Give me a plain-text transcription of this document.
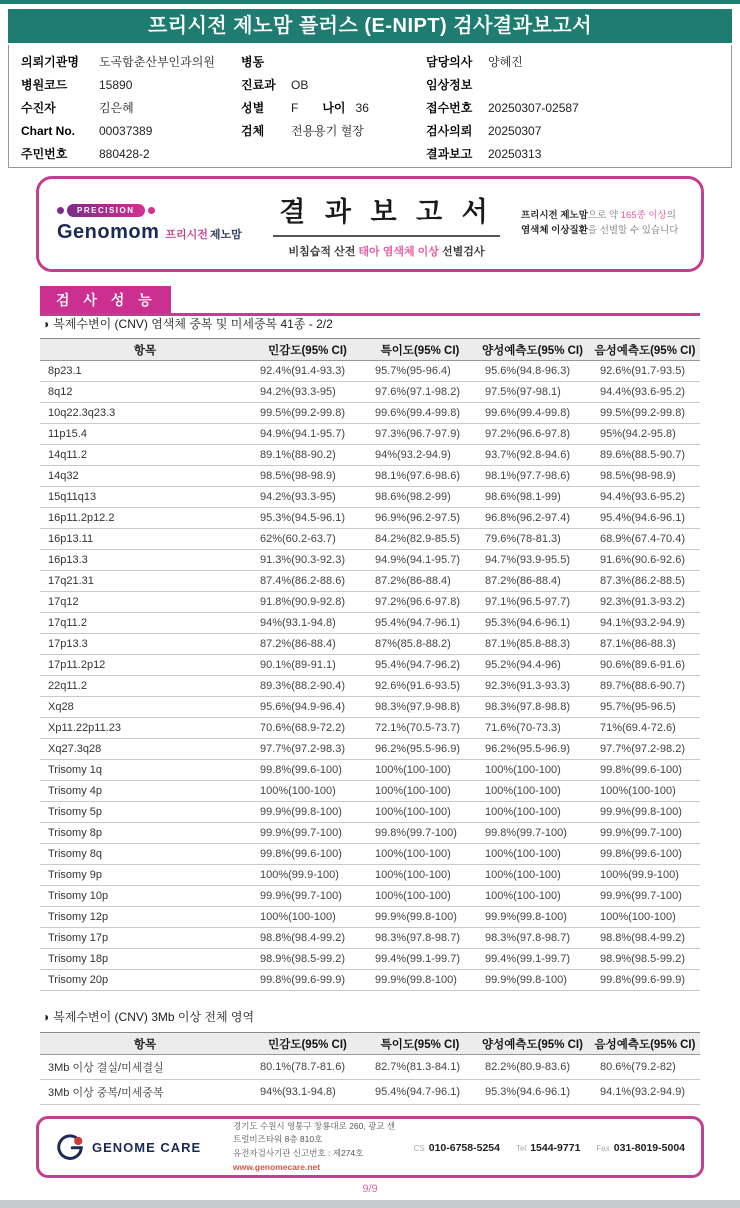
프리시전 제노맘 플러스 (E-NIPT) 검사결과보고서
의뢰기관명 도곡함춘산부인과의원
병원코드	15890
수진자	김은혜
Chart No. 00037389
주민번호	880428-2
병동
진료과 OB
성별 F 나이 36
검체 전용용기 혈장
담당의사 양혜진
임상정보
접수번호 20250307-02587
검사의뢰 20250307
결과보고 20250313
PRECISION
Genomom 프리시전 제노맘
결 과 보 고 서
비침습적 산전 태아 염색체 이상 선별검사
프리시전 제노맘으로 약 165종 이상의 염색체 이상질환을 선별할 수 있습니다
검 사 성 능
◑ 복제수변이 (CNV) 염색체 중복 및 미세중복 41종 - 2/2
항목	민감도(95% CI)	특이도(95% CI)	양성예측도(95% CI)	음성예측도(95% CI)
8p23.1	92.4%(91.4-93.3)	95.7%(95-96.4)	95.6%(94.8-96.3)	92.6%(91.7-93.5)
8q12	94.2%(93.3-95)	97.6%(97.1-98.2)	97.5%(97-98.1)	94.4%(93.6-95.2)
10q22.3q23.3	99.5%(99.2-99.8)	99.6%(99.4-99.8)	99.6%(99.4-99.8)	99.5%(99.2-99.8)
11p15.4	94.9%(94.1-95.7)	97.3%(96.7-97.9)	97.2%(96.6-97.8)	95%(94.2-95.8)
14q11.2	89.1%(88-90.2)	94%(93.2-94.9)	93.7%(92.8-94.6)	89.6%(88.5-90.7)
14q32	98.5%(98-98.9)	98.1%(97.6-98.6)	98.1%(97.7-98.6)	98.5%(98-98.9)
15q11q13	94.2%(93.3-95)	98.6%(98.2-99)	98.6%(98.1-99)	94.4%(93.6-95.2)
16p11.2p12.2	95.3%(94.5-96.1)	96.9%(96.2-97.5)	96.8%(96.2-97.4)	95.4%(94.6-96.1)
16p13.11	62%(60.2-63.7)	84.2%(82.9-85.5)	79.6%(78-81.3)	68.9%(67.4-70.4)
16p13.3	91.3%(90.3-92.3)	94.9%(94.1-95.7)	94.7%(93.9-95.5)	91.6%(90.6-92.6)
17q21.31	87.4%(86.2-88.6)	87.2%(86-88.4)	87.2%(86-88.4)	87.3%(86.2-88.5)
17q12	91.8%(90.9-92.8)	97.2%(96.6-97.8)	97.1%(96.5-97.7)	92.3%(91.3-93.2)
17q11.2	94%(93.1-94.8)	95.4%(94.7-96.1)	95.3%(94.6-96.1)	94.1%(93.2-94.9)
17p13.3	87.2%(86-88.4)	87%(85.8-88.2)	87.1%(85.8-88.3)	87.1%(86-88.3)
17p11.2p12	90.1%(89-91.1)	95.4%(94.7-96.2)	95.2%(94.4-96)	90.6%(89.6-91.6)
22q11.2	89.3%(88.2-90.4)	92.6%(91.6-93.5)	92.3%(91.3-93.3)	89.7%(88.6-90.7)
Xq28	95.6%(94.9-96.4)	98.3%(97.9-98.8)	98.3%(97.8-98.8)	95.7%(95-96.5)
Xp11.22p11.23	70.6%(68.9-72.2)	72.1%(70.5-73.7)	71.6%(70-73.3)	71%(69.4-72.6)
Xq27.3q28	97.7%(97.2-98.3)	96.2%(95.5-96.9)	96.2%(95.5-96.9)	97.7%(97.2-98.2)
Trisomy 1q	99.8%(99.6-100)	100%(100-100)	100%(100-100)	99.8%(99.6-100)
Trisomy 4p	100%(100-100)	100%(100-100)	100%(100-100)	100%(100-100)
Trisomy 5p	99.9%(99.8-100)	100%(100-100)	100%(100-100)	99.9%(99.8-100)
Trisomy 8p	99.9%(99.7-100)	99.8%(99.7-100)	99.8%(99.7-100)	99.9%(99.7-100)
Trisomy 8q	99.8%(99.6-100)	100%(100-100)	100%(100-100)	99.8%(99.6-100)
Trisomy 9p	100%(99.9-100)	100%(100-100)	100%(100-100)	100%(99.9-100)
Trisomy 10p	99.9%(99.7-100)	100%(100-100)	100%(100-100)	99.9%(99.7-100)
Trisomy 12p	100%(100-100)	99.9%(99.8-100)	99.9%(99.8-100)	100%(100-100)
Trisomy 17p	98.8%(98.4-99.2)	98.3%(97.8-98.7)	98.3%(97.8-98.7)	98.8%(98.4-99.2)
Trisomy 18p	98.9%(98.5-99.2)	99.4%(99.1-99.7)	99.4%(99.1-99.7)	98.9%(98.5-99.2)
Trisomy 20p	99.8%(99.6-99.9)	99.9%(99.8-100)	99.9%(99.8-100)	99.8%(99.6-99.9)
◑ 복제수변이 (CNV) 3Mb 이상 전체 영역
항목	민감도(95% CI)	특이도(95% CI)	양성예측도(95% CI)	음성예측도(95% CI)
3Mb 이상 결실/미세결실	80.1%(78.7-81.6)	82.7%(81.3-84.1)	82.2%(80.9-83.6)	80.6%(79.2-82)
3Mb 이상 중복/미세중복	94%(93.1-94.8)	95.4%(94.7-96.1)	95.3%(94.6-96.1)	94.1%(93.2-94.9)
GENOME CARE
경기도 수원시 영통구 창룡대로 260, 광교 센트럴비즈타워 8층 810호
유전자검사기관 신고번호 : 제274호
www.genomecare.net
CS 010-6758-5254 Tel 1544-9771 Fax 031-8019-5004
9/9
